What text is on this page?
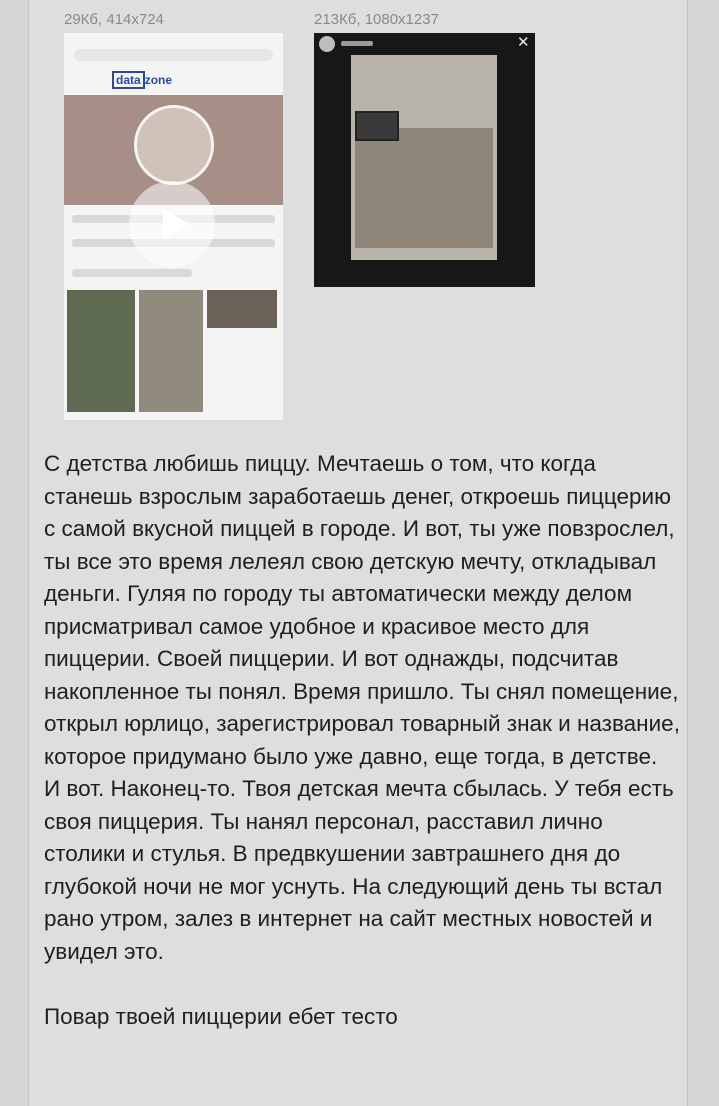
29Кб, 414x724	213Кб, 1080x1237
data zone
✕

С детства любишь пиццу. Мечтаешь о том, что когда станешь взрослым заработаешь денег, откроешь пиццерию с самой вкусной пиццей в городе. И вот, ты уже повзрослел, ты все это время лелеял свою детскую мечту, откладывал деньги. Гуляя по городу ты автоматически между делом присматривал самое удобное и красивое место для пиццерии. Своей пиццерии. И вот однажды, подсчитав накопленное ты понял. Время пришло. Ты снял помещение, открыл юрлицо, зарегистрировал товарный знак и название, которое придумано было уже давно, еще тогда, в детстве.

И вот. Наконец-то. Твоя детская мечта сбылась. У тебя есть своя пиццерия. Ты нанял персонал, расставил лично столики и стулья. В предвкушении завтрашнего дня до глубокой ночи не мог уснуть. На следующий день ты встал рано утром, залез в интернет на сайт местных новостей и увидел это.

Повар твоей пиццерии ебет тесто
